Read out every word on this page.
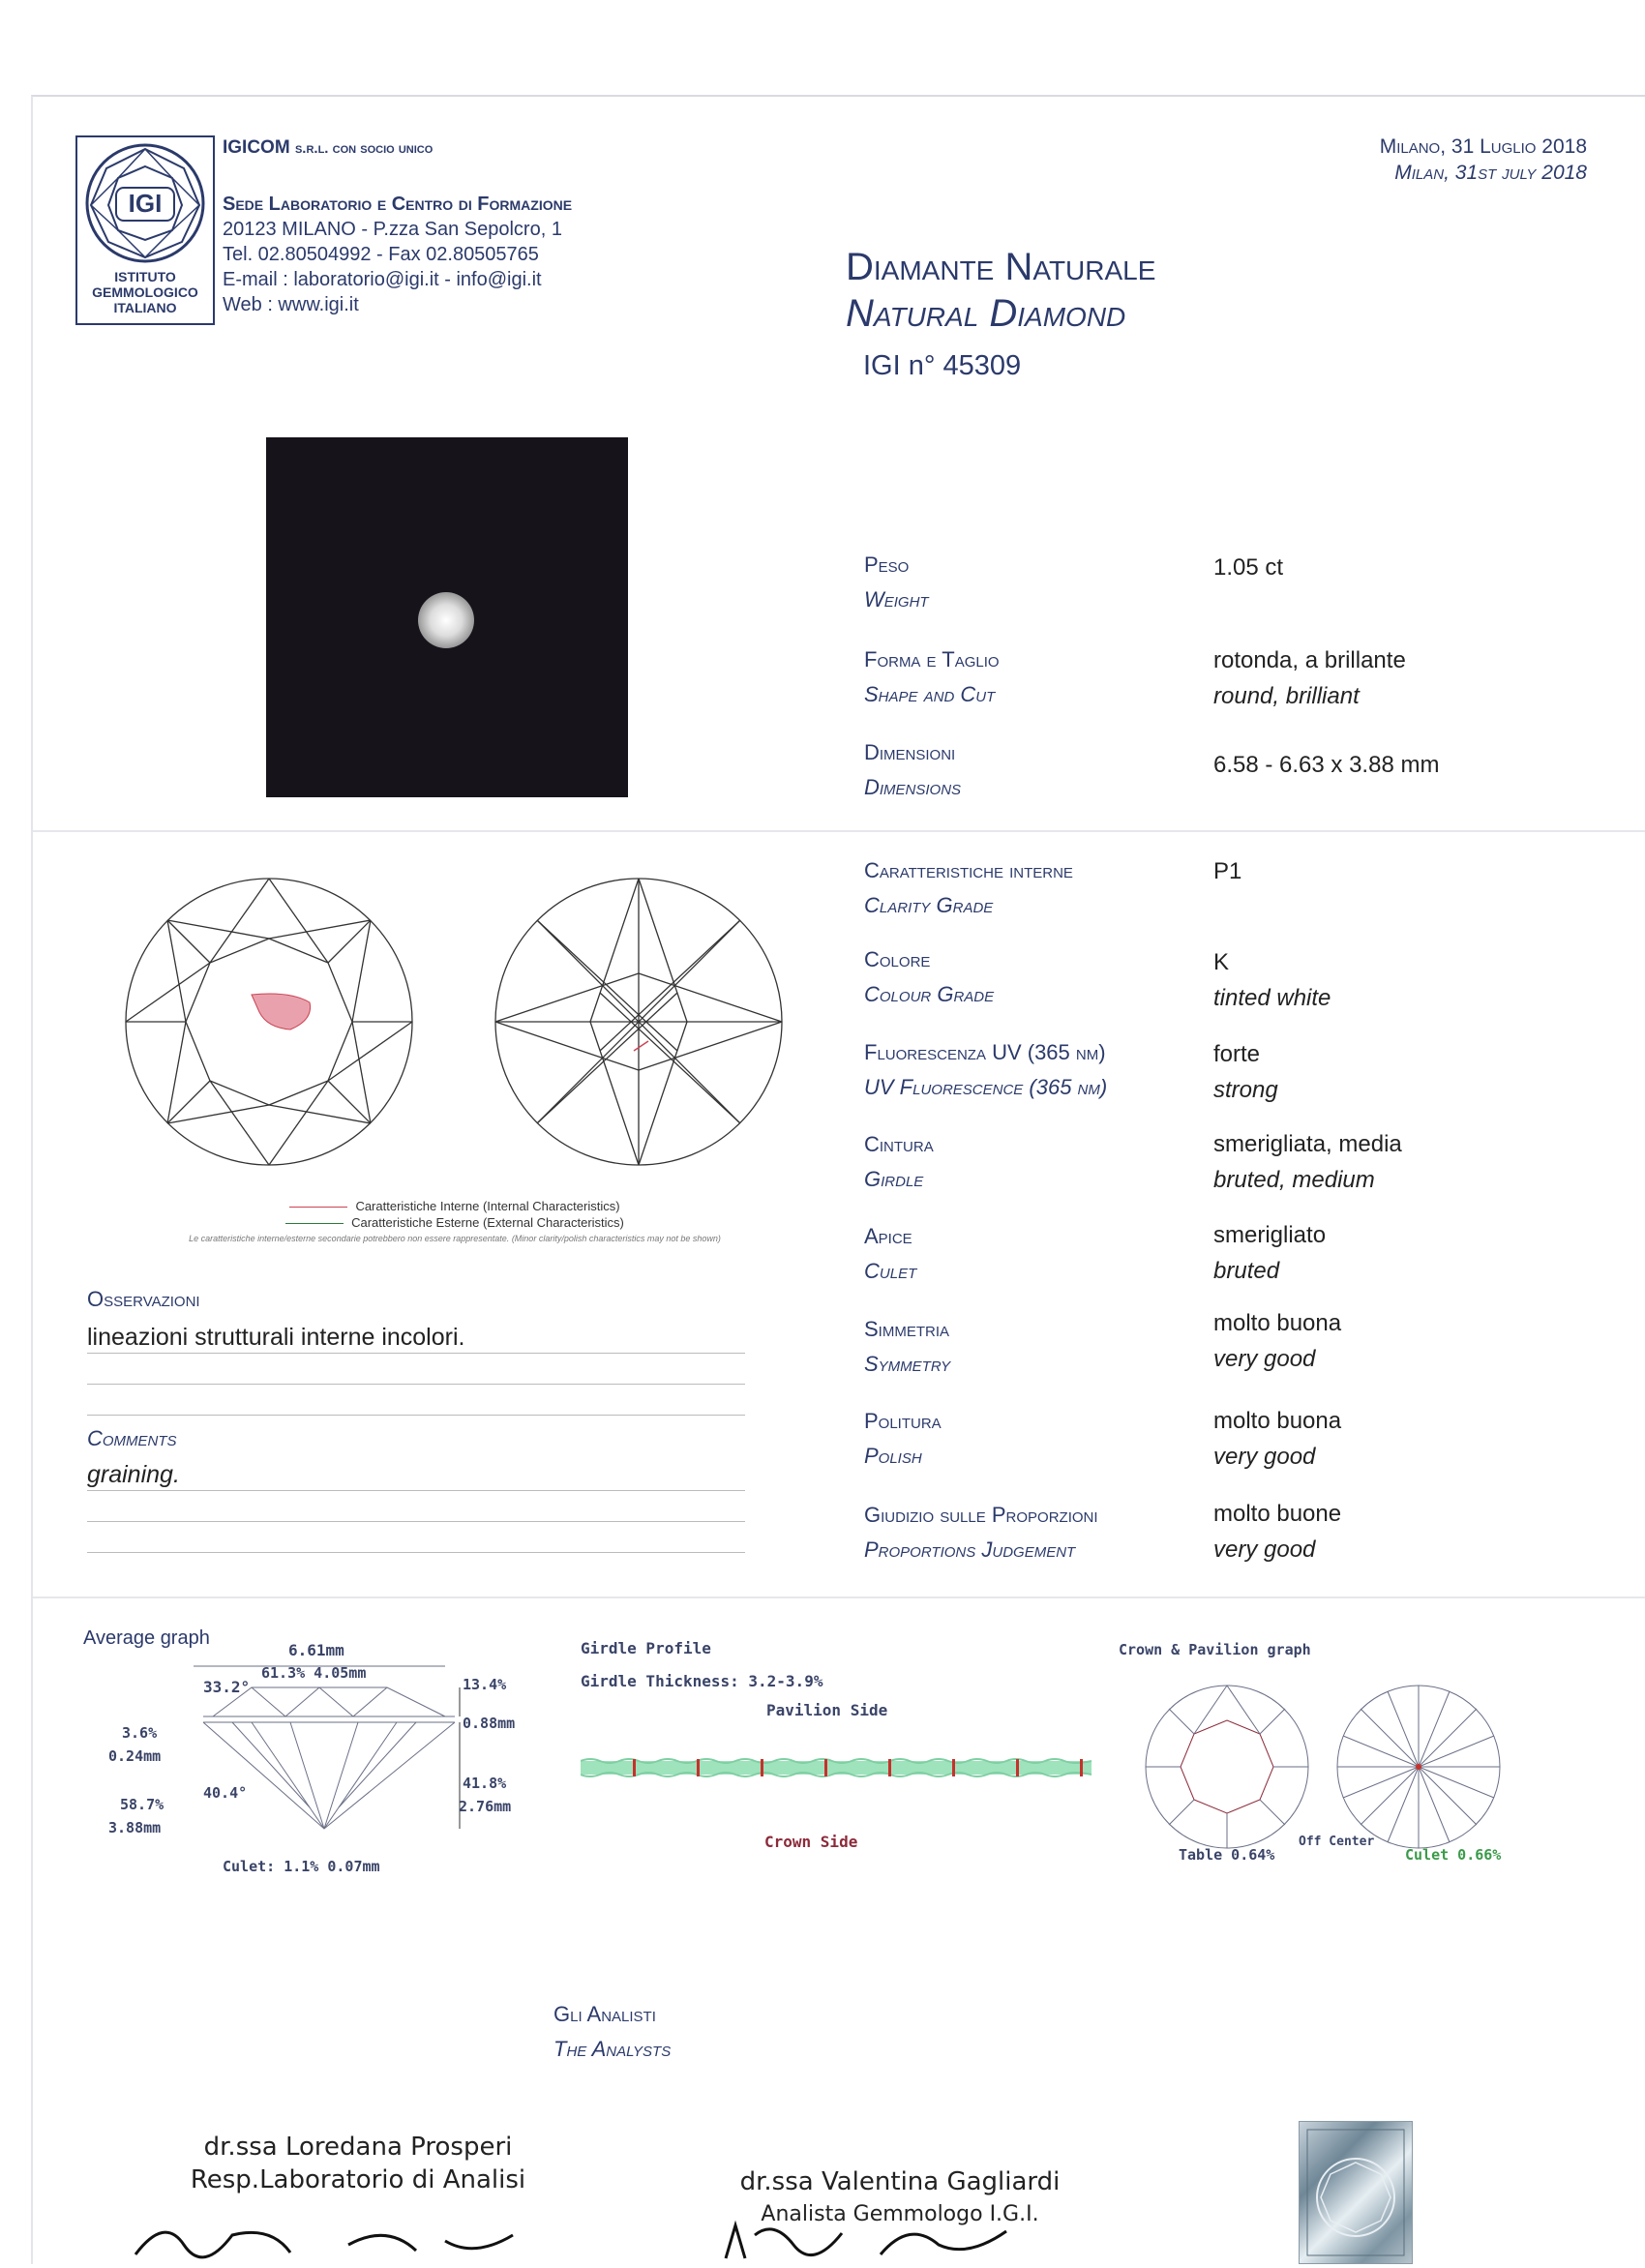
IGI
ISTITUTO GEMMOLOGICO ITALIANO
IGICOM s.r.l. con socio unico
Sede Laboratorio e Centro di Formazione
20123 MILANO - P.zza San Sepolcro, 1
Tel. 02.80504992 - Fax 02.80505765
E-mail : laboratorio@igi.it - info@igi.it
Web : www.igi.it
Milano, 31 Luglio 2018
Milan, 31st july 2018
Diamante Naturale
Natural Diamond
IGI n° 45309
Peso
Weight
1.05 ct
Forma e Taglio
Shape and Cut
rotonda, a brillante
round, brilliant
Dimensioni
Dimensions
6.58 - 6.63 x 3.88 mm
Caratteristiche interne
Clarity Grade
P1
Colore
Colour Grade
K
tinted white
Fluorescenza UV (365 nm)
UV Fluorescence (365 nm)
forte
strong
Cintura
Girdle
smerigliata, media
bruted, medium
Apice
Culet
smerigliato
bruted
Simmetria
Symmetry
molto buona
very good
Politura
Polish
molto buona
very good
Giudizio sulle Proporzioni
Proportions Judgement
molto buone
very good
Caratteristiche Interne (Internal Characteristics)
Caratteristiche Esterne (External Characteristics)
Le caratteristiche interne/esterne secondarie potrebbero non essere rappresentate. (Minor clarity/polish characteristics may not be shown)
Osservazioni
lineazioni strutturali interne incolori.
Comments
graining.
Average graph
6.61mm
61.3% 4.05mm
33.2°	13.4%
0.88mm
3.6%
0.24mm
40.4°
41.8%
2.76mm
58.7%
3.88mm
Culet: 1.1% 0.07mm
Girdle Profile
Girdle Thickness: 3.2-3.9%
Pavilion Side
Crown Side
Crown & Pavilion graph
Table 0.64%
Off Center
Culet 0.66%
Gli Analisti
The Analysts
dr.ssa Loredana Prosperi
Resp.Laboratorio di Analisi	dr.ssa Valentina Gagliardi
Analista Gemmologo I.G.I.
